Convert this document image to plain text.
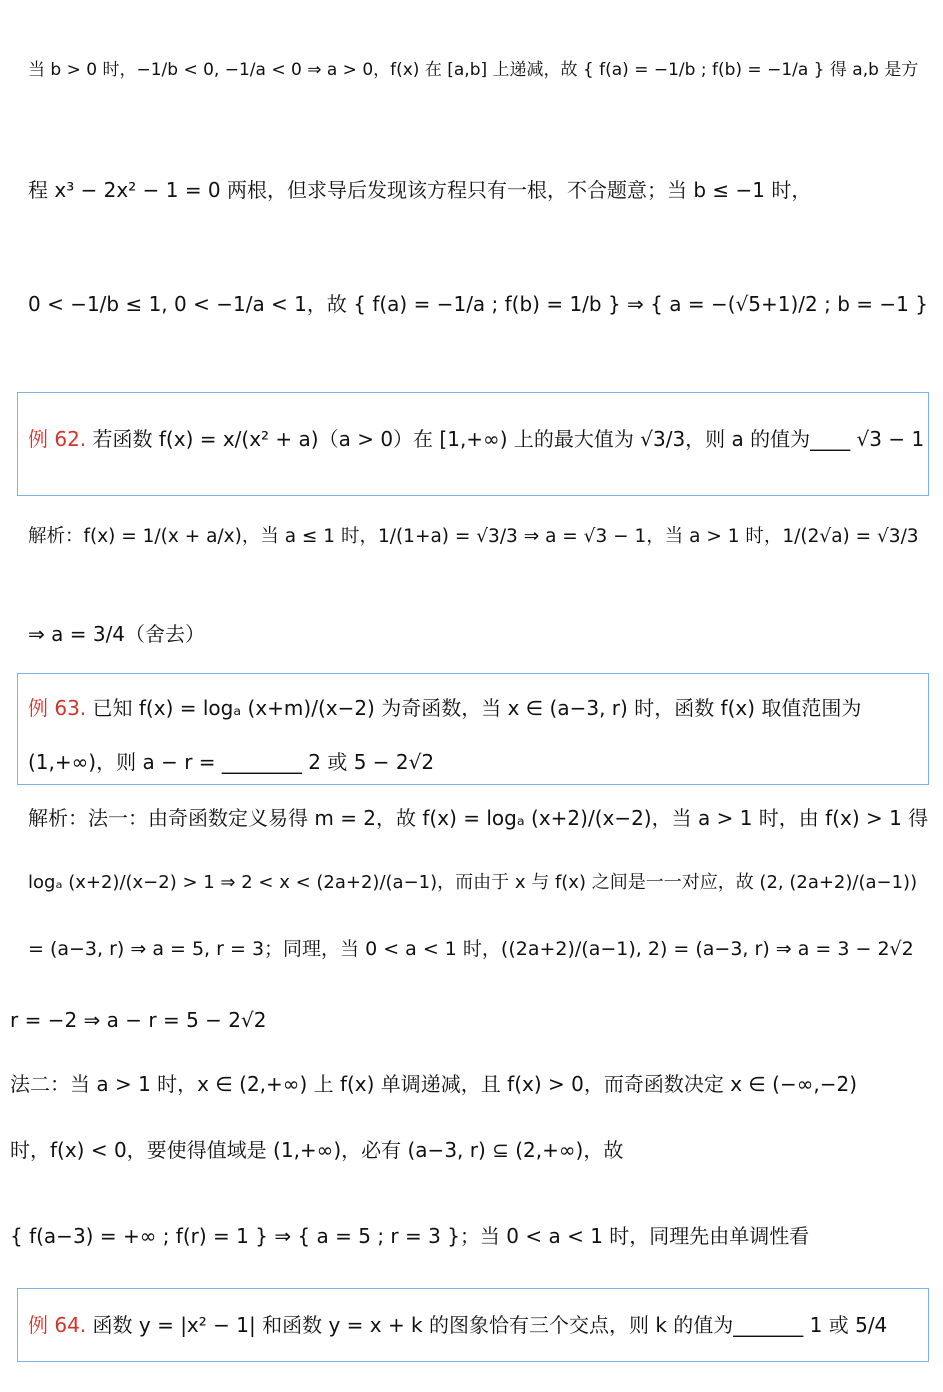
当 b > 0 时，−1/b < 0, −1/a < 0 ⇒ a > 0，f(x) 在 [a,b] 上递减，故 { f(a) = −1/b ; f(b) = −1/a } 得 a,b 是方
程 x³ − 2x² − 1 = 0 两根，但求导后发现该方程只有一根，不合题意；当 b ≤ −1 时，
0 < −1/b ≤ 1, 0 < −1/a < 1，故 { f(a) = −1/a ; f(b) = 1/b } ⇒ { a = −(√5+1)/2 ; b = −1 }
例 62. 若函数 f(x) = x/(x² + a)（a > 0）在 [1,+∞) 上的最大值为 √3/3，则 a 的值为____ √3 − 1
解析：f(x) = 1/(x + a/x)，当 a ≤ 1 时，1/(1+a) = √3/3 ⇒ a = √3 − 1，当 a > 1 时，1/(2√a) = √3/3
⇒ a = 3/4（舍去）
例 63. 已知 f(x) = logₐ (x+m)/(x−2) 为奇函数，当 x ∈ (a−3, r) 时，函数 f(x) 取值范围为
(1,+∞)，则 a − r = ________ 2 或 5 − 2√2
解析：法一：由奇函数定义易得 m = 2，故 f(x) = logₐ (x+2)/(x−2)，当 a > 1 时，由 f(x) > 1 得
logₐ (x+2)/(x−2) > 1 ⇒ 2 < x < (2a+2)/(a−1)，而由于 x 与 f(x) 之间是一一对应，故 (2, (2a+2)/(a−1))
= (a−3, r) ⇒ a = 5, r = 3；同理，当 0 < a < 1 时，((2a+2)/(a−1), 2) = (a−3, r) ⇒ a = 3 − 2√2
r = −2 ⇒ a − r = 5 − 2√2
法二：当 a > 1 时，x ∈ (2,+∞) 上 f(x) 单调递减，且 f(x) > 0，而奇函数决定 x ∈ (−∞,−2)
时，f(x) < 0，要使得值域是 (1,+∞)，必有 (a−3, r) ⊆ (2,+∞)，故
{ f(a−3) = +∞ ; f(r) = 1 } ⇒ { a = 5 ; r = 3 }；当 0 < a < 1 时，同理先由单调性看
例 64. 函数 y = |x² − 1| 和函数 y = x + k 的图象恰有三个交点，则 k 的值为_______ 1 或 5/4
